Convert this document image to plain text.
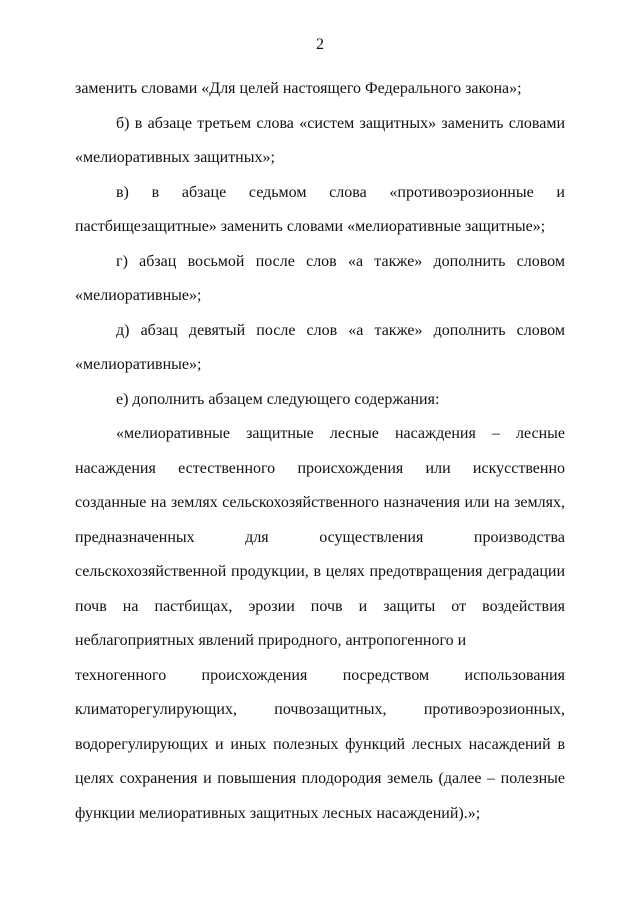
2

заменить словами «Для целей настоящего Федерального закона»;

б) в абзаце третьем слова «систем защитных» заменить словами «мелиоративных защитных»;

в) в абзаце седьмом слова «противоэрозионные и

пастбищезащитные» заменить словами «мелиоративные защитные»;

г) абзац восьмой после слов «а также» дополнить словом

«мелиоративные»;

д) абзац девятый после слов «а также» дополнить словом

«мелиоративные»;

е) дополнить абзацем следующего содержания:

«мелиоративные защитные лесные насаждения – лесные насаждения естественного происхождения или искусственно созданные на землях сельскохозяйственного назначения или на землях, предназначенных для осуществления производства сельскохозяйственной продукции, в целях предотвращения деградации почв на пастбищах, эрозии почв и защиты от воздействия неблагоприятных явлений природного, антропогенного и

техногенного происхождения посредством использования
климаторегулирующих, почвозащитных, противоэрозионных,

водорегулирующих и иных полезных функций лесных насаждений в целях сохранения и повышения плодородия земель (далее – полезные функции мелиоративных защитных лесных насаждений).»;
